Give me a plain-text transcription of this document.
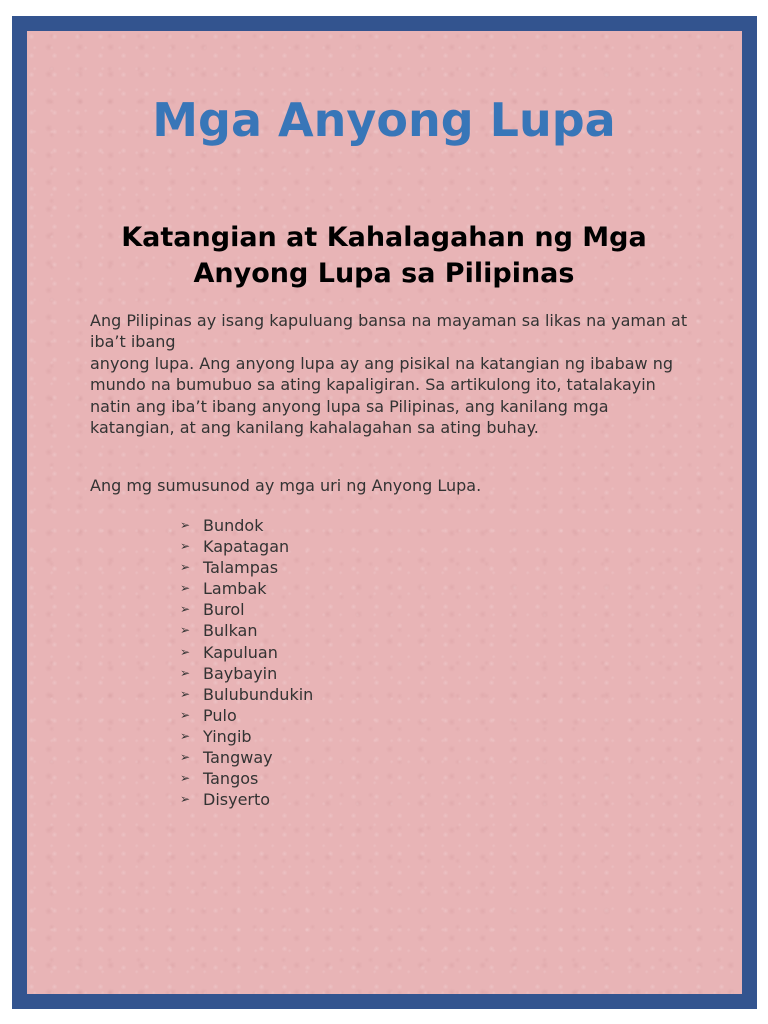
Mga Anyong Lupa
Katangian at Kahalagahan ng Mga Anyong Lupa sa Pilipinas

Ang Pilipinas ay isang kapuluang bansa na mayaman sa likas na yaman at iba’t ibang
anyong lupa. Ang anyong lupa ay ang pisikal na katangian ng ibabaw ng mundo na bumubuo sa ating kapaligiran. Sa artikulong ito, tatalakayin natin ang iba’t ibang anyong lupa sa Pilipinas, ang kanilang mga katangian, at ang kanilang kahalagahan sa ating buhay.

Ang mg sumusunod ay mga uri ng Anyong Lupa.

➢ Bundok
➢ Kapatagan
➢ Talampas
➢ Lambak
➢ Burol
➢ Bulkan
➢ Kapuluan
➢ Baybayin
➢ Bulubundukin
➢ Pulo
➢ Yingib
➢ Tangway
➢ Tangos
➢ Disyerto
